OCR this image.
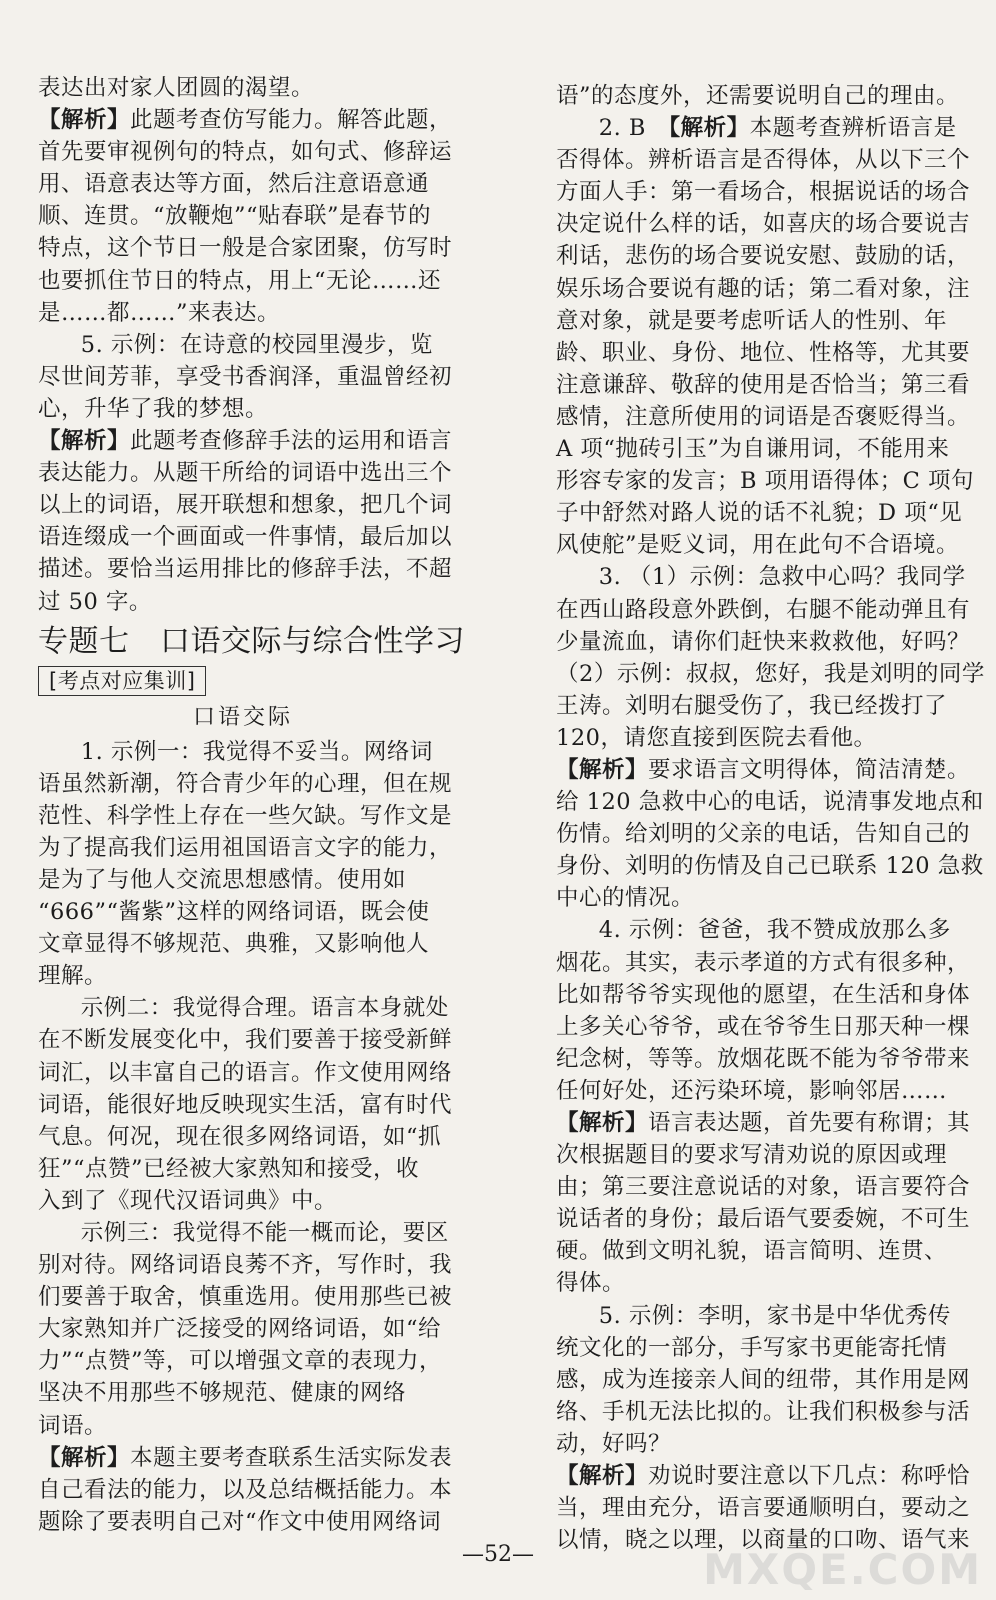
表达出对家人团圆的渴望。

【解析】此题考查仿写能力。解答此题，

首先要审视例句的特点，如句式、修辞运

用、语意表达等方面，然后注意语意通

顺、连贯。“放鞭炮”“贴春联”是春节的

特点，这个节日一般是合家团聚，仿写时

也要抓住节日的特点，用上“无论……还

是……都……”来表达。

5. 示例：在诗意的校园里漫步，览

尽世间芳菲，享受书香润泽，重温曾经初

心，升华了我的梦想。

【解析】此题考查修辞手法的运用和语言

表达能力。从题干所给的词语中选出三个

以上的词语，展开联想和想象，把几个词

语连缀成一个画面或一件事情，最后加以

描述。要恰当运用排比的修辞手法，不超

过 50 字。

专题七　口语交际与综合性学习
[考点对应集训]
口语交际

1. 示例一：我觉得不妥当。网络词

语虽然新潮，符合青少年的心理，但在规

范性、科学性上存在一些欠缺。写作文是

为了提高我们运用祖国语言文字的能力，

是为了与他人交流思想感情。使用如

“666”“酱紫”这样的网络词语，既会使

文章显得不够规范、典雅，又影响他人

理解。

示例二：我觉得合理。语言本身就处

在不断发展变化中，我们要善于接受新鲜

词汇，以丰富自己的语言。作文使用网络

词语，能很好地反映现实生活，富有时代

气息。何况，现在很多网络词语，如“抓

狂”“点赞”已经被大家熟知和接受，收

入到了《现代汉语词典》中。

示例三：我觉得不能一概而论，要区

别对待。网络词语良莠不齐，写作时，我

们要善于取舍，慎重选用。使用那些已被

大家熟知并广泛接受的网络词语，如“给

力”“点赞”等，可以增强文章的表现力，

坚决不用那些不够规范、健康的网络

词语。

【解析】本题主要考查联系生活实际发表

自己看法的能力，以及总结概括能力。本

题除了要表明自己对“作文中使用网络词

语”的态度外，还需要说明自己的理由。

2. B　【解析】本题考查辨析语言是

否得体。辨析语言是否得体，从以下三个

方面人手：第一看场合，根据说话的场合

决定说什么样的话，如喜庆的场合要说吉

利话，悲伤的场合要说安慰、鼓励的话，

娱乐场合要说有趣的话；第二看对象，注

意对象，就是要考虑听话人的性别、年

龄、职业、身份、地位、性格等，尤其要

注意谦辞、敬辞的使用是否恰当；第三看

感情，注意所使用的词语是否褒贬得当。

A 项“抛砖引玉”为自谦用词，不能用来

形容专家的发言；B 项用语得体；C 项句

子中舒然对路人说的话不礼貌；D 项“见

风使舵”是贬义词，用在此句不合语境。

3. （1）示例：急救中心吗？我同学

在西山路段意外跌倒，右腿不能动弹且有

少量流血，请你们赶快来救救他，好吗？

（2）示例：叔叔，您好，我是刘明的同学

王涛。刘明右腿受伤了，我已经拨打了

120，请您直接到医院去看他。

【解析】要求语言文明得体，简洁清楚。

给 120 急救中心的电话，说清事发地点和

伤情。给刘明的父亲的电话，告知自己的

身份、刘明的伤情及自己已联系 120 急救

中心的情况。

4. 示例：爸爸，我不赞成放那么多

烟花。其实，表示孝道的方式有很多种，

比如帮爷爷实现他的愿望，在生活和身体

上多关心爷爷，或在爷爷生日那天种一棵

纪念树，等等。放烟花既不能为爷爷带来

任何好处，还污染环境，影响邻居……

【解析】语言表达题，首先要有称谓；其

次根据题目的要求写清劝说的原因或理

由；第三要注意说话的对象，语言要符合

说话者的身份；最后语气要委婉，不可生

硬。做到文明礼貌，语言简明、连贯、

得体。

5. 示例：李明，家书是中华优秀传

统文化的一部分，手写家书更能寄托情

感，成为连接亲人间的纽带，其作用是网

络、手机无法比拟的。让我们积极参与活

动，好吗？

【解析】劝说时要注意以下几点：称呼恰

当，理由充分，语言要通顺明白，要动之

以情，晓之以理，以商量的口吻、语气来

—52—	MXQE.COM
